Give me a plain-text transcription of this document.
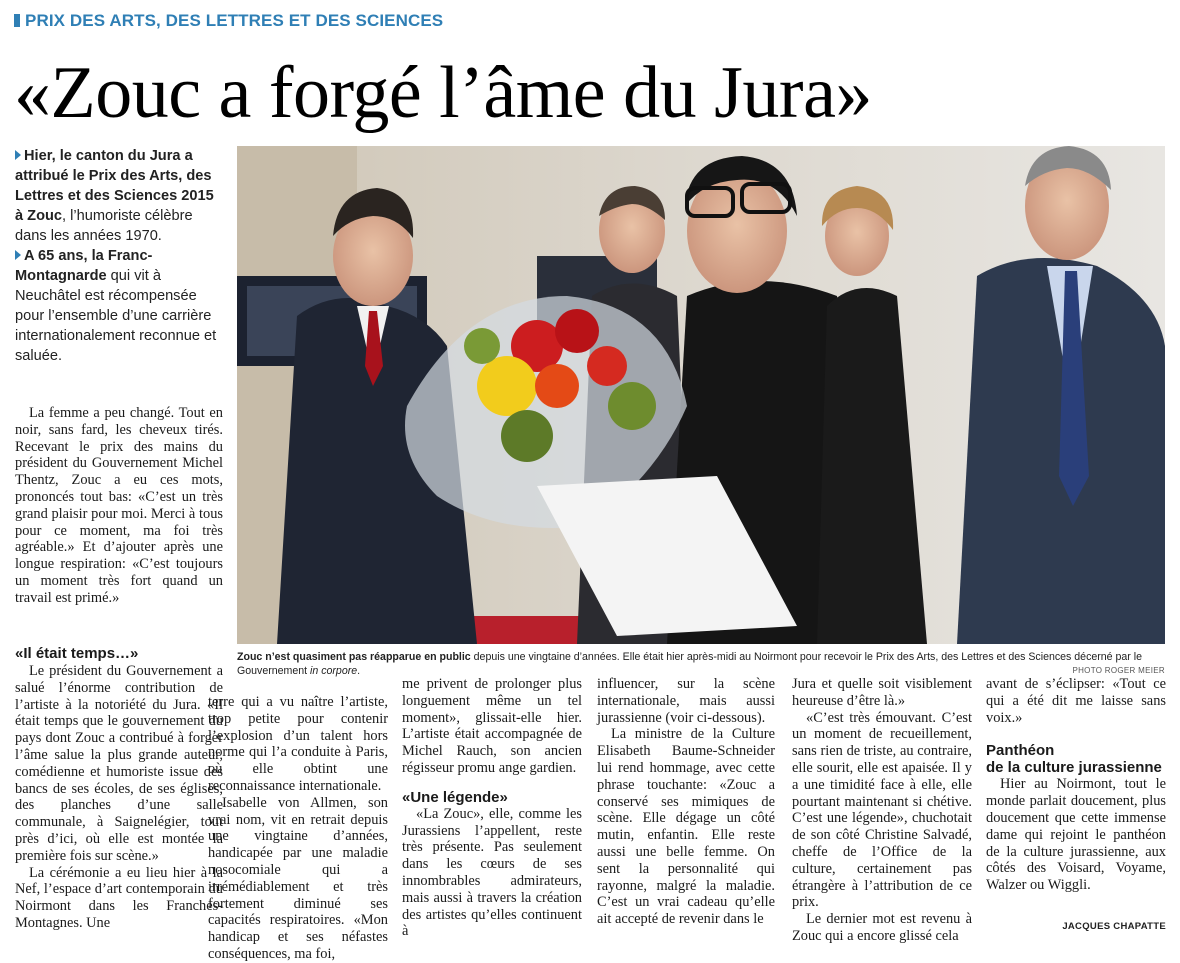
PRIX DES ARTS, DES LETTRES ET DES SCIENCES
«Zouc a forgé l’âme du Jura»

Hier, le canton du Jura a attribué le Prix des Arts, des Lettres et des Sciences 2015 à Zouc, l’humoriste célèbre dans les années 1970.

A 65 ans, la Franc-Montagnarde qui vit à Neuchâtel est récompensée pour l’ensemble d’une carrière internationalement reconnue et saluée.

La femme a peu changé. Tout en noir, sans fard, les cheveux tirés. Recevant le prix des mains du président du Gouvernement Michel Thentz, Zouc a eu ces mots, prononcés tout bas: «C’est un très grand plaisir pour moi. Merci à tous pour ce moment, ma foi très agréable.» Et d’ajouter après une longue respiration: «C’est toujours un moment très fort quand un travail est primé.»

«Il était temps…»

Le président du Gouvernement a salué l’énorme contribution de l’artiste à la notoriété du Jura. «Il était temps que le gouvernement du pays dont Zouc a contribué à forger l’âme salue la plus grande auteur, comédienne et humoriste issue des bancs de ses écoles, de ses églises, des planches d’une salle communale, à Saignelégier, tout près d’ici, où elle est montée la première fois sur scène.»

La cérémonie a eu lieu hier à la Nef, l’espace d’art contemporain du Noirmont dans les Franches-Montagnes. Une

Zouc n’est quasiment pas réapparue en public depuis une vingtaine d’années. Elle était hier après-midi au Noirmont pour recevoir le Prix des Arts, des Lettres et des Sciences décerné par le Gouvernement in corpore.	PHOTO ROGER MEIER

terre qui a vu naître l’artiste, trop petite pour contenir l’explosion d’un talent hors norme qui l’a conduite à Paris, où elle obtint une reconnaissance internationale.

Isabelle von Allmen, son vrai nom, vit en retrait depuis une vingtaine d’années, handicapée par une maladie nosocomiale qui a irrémédiablement et très fortement diminué ses capacités respiratoires. «Mon handicap et ses néfastes conséquences, ma foi,

me privent de prolonger plus longuement même un tel moment», glissait-elle hier. L’artiste était accompagnée de Michel Rauch, son ancien régisseur promu ange gardien.

«Une légende»

«La Zouc», elle, comme les Jurassiens l’appellent, reste très présente. Pas seulement dans les cœurs de ses innombrables admirateurs, mais aussi à travers la création des artistes qu’elles continuent à

influencer, sur la scène internationale, mais aussi jurassienne (voir ci-dessous).

La ministre de la Culture Elisabeth Baume-Schneider lui rend hommage, avec cette phrase touchante: «Zouc a conservé ses mimiques de scène. Elle dégage un côté mutin, enfantin. Elle reste aussi une belle femme. On sent la personnalité qui rayonne, malgré la maladie. C’est un vrai cadeau qu’elle ait accepté de revenir dans le

Jura et quelle soit visiblement heureuse d’être là.»

«C’est très émouvant. C’est un moment de recueillement, sans rien de triste, au contraire, elle sourit, elle est apaisée. Il y a une timidité face à elle, elle pourtant maintenant si chétive. C’est une légende», chuchotait de son côté Christine Salvadé, cheffe de l’Office de la culture, certainement pas étrangère à l’attribution de ce prix.

Le dernier mot est revenu à Zouc qui a encore glissé cela

avant de s’éclipser: «Tout ce qui a été dit me laisse sans voix.»

Panthéon
de la culture jurassienne

Hier au Noirmont, tout le monde parlait doucement, plus doucement que cette immense dame qui rejoint le panthéon de la culture jurassienne, aux côtés des Voisard, Voyame, Walzer ou Wiggli.

JACQUES CHAPATTE
